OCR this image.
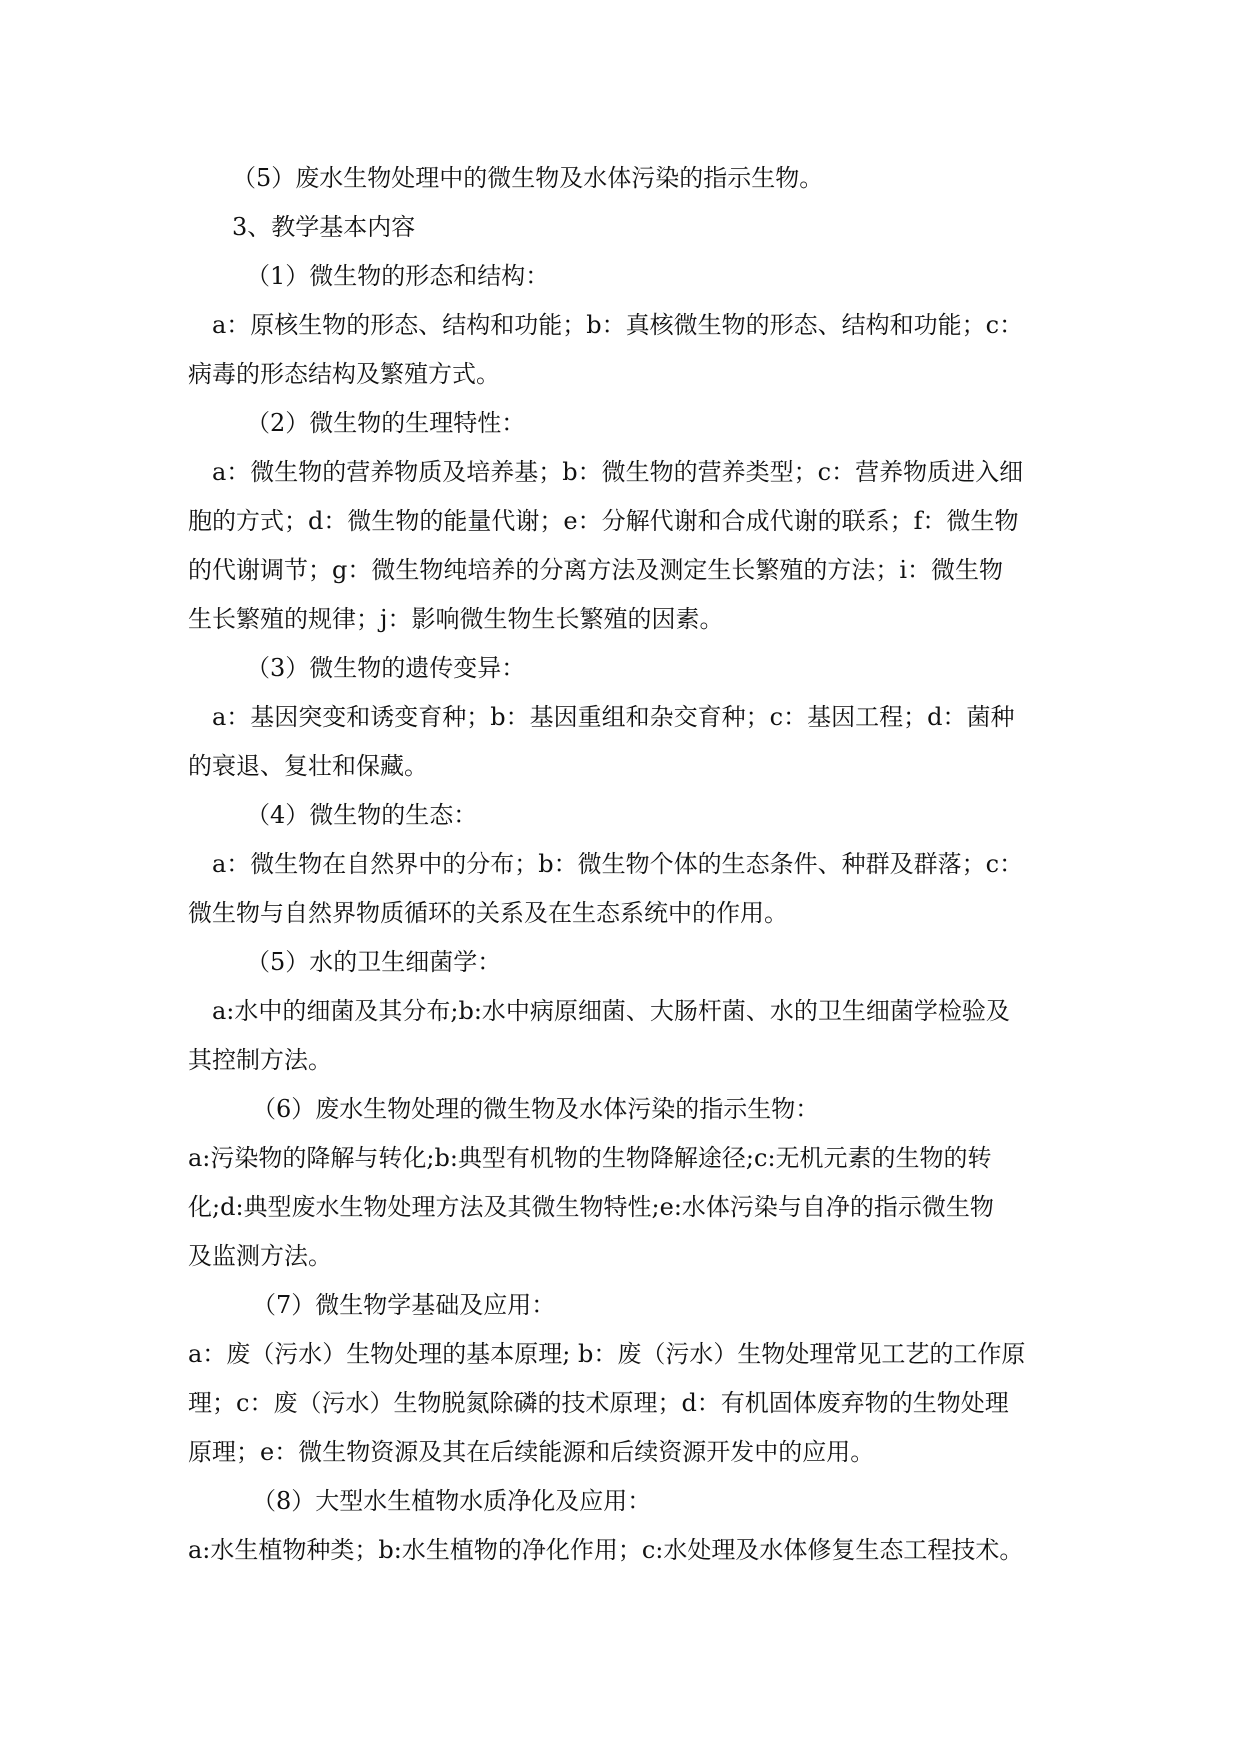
（5）废水生物处理中的微生物及水体污染的指示生物。
3、教学基本内容
（1）微生物的形态和结构：
a：原核生物的形态、结构和功能；b：真核微生物的形态、结构和功能；c：
病毒的形态结构及繁殖方式。
（2）微生物的生理特性：
a：微生物的营养物质及培养基；b：微生物的营养类型；c：营养物质进入细
胞的方式；d：微生物的能量代谢；e：分解代谢和合成代谢的联系；f：微生物
的代谢调节；g：微生物纯培养的分离方法及测定生长繁殖的方法；i：微生物
生长繁殖的规律；j：影响微生物生长繁殖的因素。
（3）微生物的遗传变异：
a：基因突变和诱变育种；b：基因重组和杂交育种；c：基因工程；d：菌种
的衰退、复壮和保藏。
（4）微生物的生态：
a：微生物在自然界中的分布；b：微生物个体的生态条件、种群及群落；c：
微生物与自然界物质循环的关系及在生态系统中的作用。
（5）水的卫生细菌学：
a:水中的细菌及其分布;b:水中病原细菌、大肠杆菌、水的卫生细菌学检验及
其控制方法。
（6）废水生物处理的微生物及水体污染的指示生物：
a:污染物的降解与转化;b:典型有机物的生物降解途径;c:无机元素的生物的转
化;d:典型废水生物处理方法及其微生物特性;e:水体污染与自净的指示微生物
及监测方法。
（7）微生物学基础及应用：
a：废（污水）生物处理的基本原理; b：废（污水）生物处理常见工艺的工作原
理；c：废（污水）生物脱氮除磷的技术原理；d：有机固体废弃物的生物处理
原理；e：微生物资源及其在后续能源和后续资源开发中的应用。
（8）大型水生植物水质净化及应用：
a:水生植物种类；b:水生植物的净化作用；c:水处理及水体修复生态工程技术。
